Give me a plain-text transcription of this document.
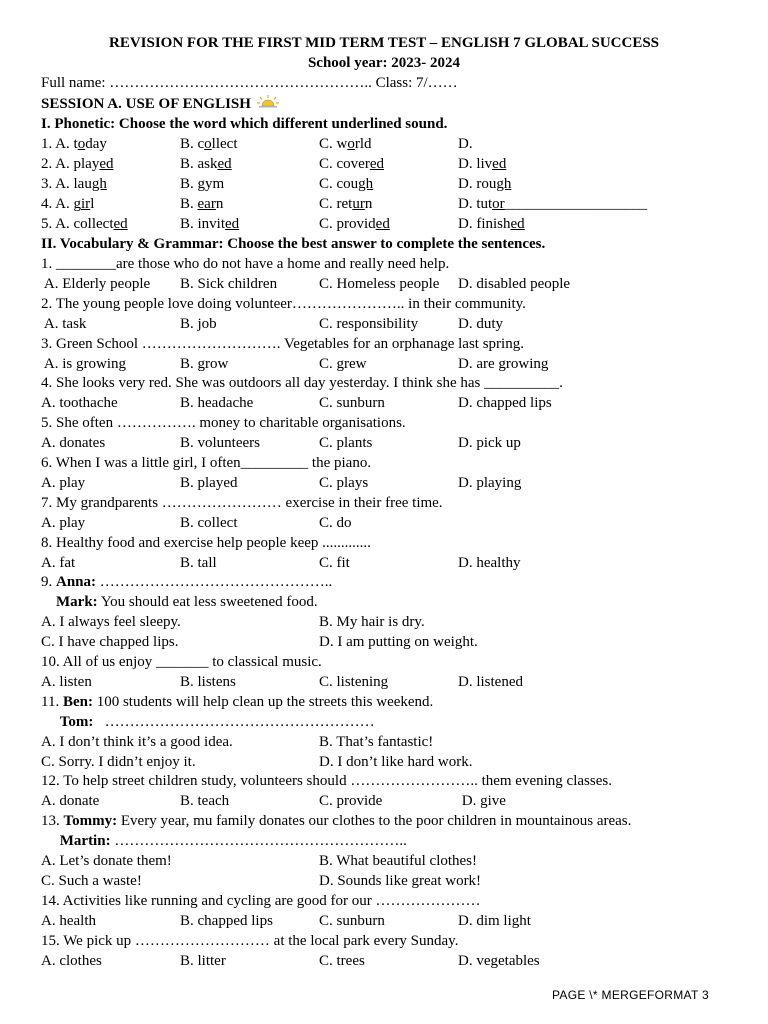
REVISION FOR THE FIRST MID TERM TEST – ENGLISH 7 GLOBAL SUCCESS
School year: 2023- 2024
Full name: …………………………………………….. Class: 7/……
SESSION A. USE OF ENGLISH
I. Phonetic: Choose the word which different underlined sound.
1. A. today	B. collect	C. world	D.
2. A. played	B. asked	C. covered	D. lived
3. A. laugh	B. gym	C. cough	D. rough
4. A. girl	B. earn	C. return	D. tutor___________________
5. A. collected	B. invited	C. provided	D. finished
II. Vocabulary & Grammar: Choose the best answer to complete the sentences.
1. ________are those who do not have a home and really need help.
A. Elderly people B. Sick children	C. Homeless people D. disabled people
2. The young people love doing volunteer………………….. in their community.
A. task	B. job	C. responsibility	D. duty
3. Green School ………………………. Vegetables for an orphanage last spring.
A. is growing	B. grow	C. grew	D. are growing
4. She looks very red. She was outdoors all day yesterday. I think she has __________.
A. toothache	B. headache	C. sunburn	D. chapped lips
5. She often ……………. money to charitable organisations.
A. donates	B. volunteers	C. plants	D. pick up
6. When I was a little girl, I often_________ the piano.
A. play	B. played	C. plays	D. playing
7. My grandparents …………………… exercise in their free time.
A. play	B. collect	C. do
8. Healthy food and exercise help people keep .............
A. fat	B. tall	C. fit	D. healthy
9. Anna: ………………………………………..
Mark: You should eat less sweetened food.
A. I always feel sleepy.	B. My hair is dry.
C. I have chapped lips.	D. I am putting on weight.
10. All of us enjoy _______ to classical music.
A. listen	B. listens	C. listening	D. listened
11. Ben: 100 students will help clean up the streets this weekend.
Tom:   ………………………………………………
A. I don’t think it’s a good idea.	B. That’s fantastic!
C. Sorry. I didn’t enjoy it.	D. I don’t like hard work.
12. To help street children study, volunteers should …………………….. them evening classes.
A. donate	B. teach	C. provide	D. give
13. Tommy: Every year, mu family donates our clothes to the poor children in mountainous areas.
Martin: …………………………………………………..
A. Let’s donate them!	B. What beautiful clothes!
C. Such a waste!	D. Sounds like great work!
14. Activities like running and cycling are good for our …………………
A. health	B. chapped lips	C. sunburn	D. dim light
15. We pick up ……………………… at the local park every Sunday.
A. clothes	B. litter	C. trees	D. vegetables
PAGE \* MERGEFORMAT 3
